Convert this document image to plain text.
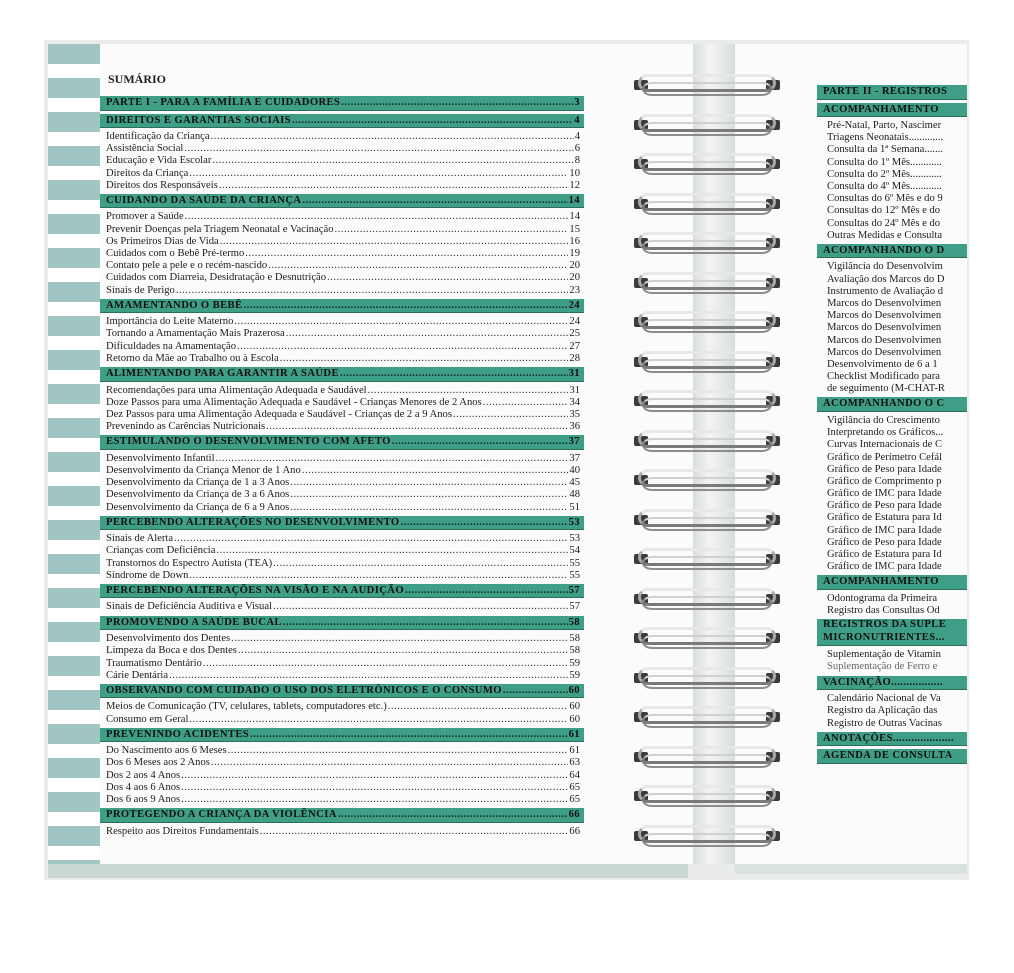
SUMÁRIO
PARTE I - PARA A FAMÍLIA E CUIDADORES .....	3
DIREITOS E GARANTIAS SOCIAIS .....	4
Identificação da Criança .....	4
Assistência Social .....	6
Educação e Vida Escolar .....	8
Direitos da Criança .....	10
Direitos dos Responsáveis .....	12
CUIDANDO DA SAÚDE DA CRIANÇA .....	14
Promover a Saúde .....	14
Prevenir Doenças pela Triagem Neonatal e Vacinação .....	15
Os Primeiros Dias de Vida .....	16
Cuidados com o Bebê Pré-termo .....	19
Contato pele a pele e o recém-nascido .....	20
Cuidados com Diarreia, Desidratação e Desnutrição .....	20
Sinais de Perigo .....	23
AMAMENTANDO O BEBÊ .....	24
Importância do Leite Materno .....	24
Tornando a Amamentação Mais Prazerosa .....	25
Dificuldades na Amamentação .....	27
Retorno da Mãe ao Trabalho ou à Escola .....	28
ALIMENTANDO PARA GARANTIR A SAÚDE .....	31
Recomendações para uma Alimentação Adequada e Saudável .....	31
Doze Passos para uma Alimentação Adequada e Saudável - Crianças Menores de 2 Anos .....	34
Dez Passos para uma Alimentação Adequada e Saudável - Crianças de 2 a 9 Anos .....	35
Prevenindo as Carências Nutricionais .....	36
ESTIMULANDO O DESENVOLVIMENTO COM AFETO .....	37
Desenvolvimento Infantil .....	37
Desenvolvimento da Criança Menor de 1 Ano .....	40
Desenvolvimento da Criança de 1 a 3 Anos .....	45
Desenvolvimento da Criança de 3 a 6 Anos .....	48
Desenvolvimento da Criança de 6 a 9 Anos .....	51
PERCEBENDO ALTERAÇÕES NO DESENVOLVIMENTO .....	53
Sinais de Alerta .....	53
Crianças com Deficiência .....	54
Transtornos do Espectro Autista (TEA) .....	55
Síndrome de Down .....	55
PERCEBENDO ALTERAÇÕES NA VISÃO E NA AUDIÇÃO .....	57
Sinais de Deficiência Auditiva e Visual .....	57
PROMOVENDO A SAÚDE BUCAL .....	58
Desenvolvimento dos Dentes .....	58
Limpeza da Boca e dos Dentes .....	58
Traumatismo Dentário .....	59
Cárie Dentária .....	59
OBSERVANDO COM CUIDADO O USO DOS ELETRÔNICOS E O CONSUMO .....	60
Meios de Comunicação (TV, celulares, tablets, computadores etc.) .....	60
Consumo em Geral .....	60
PREVENINDO ACIDENTES .....	61
Do Nascimento aos 6 Meses .....	61
Dos 6 Meses aos 2 Anos .....	63
Dos 2 aos 4 Anos .....	64
Dos 4 aos 6 Anos .....	65
Dos 6 aos 9 Anos .....	65
PROTEGENDO A CRIANÇA DA VIOLÊNCIA .....	66
Respeito aos Direitos Fundamentais .....	66
PARTE II - REGISTROS
ACOMPANHAMENTO
Pré-Natal, Parto, Nascimer
Triagens Neonatais.............
Consulta da 1ª Semana.......
Consulta do 1º Mês............
Consulta do 2º Mês............
Consulta do 4º Mês............
Consultas do 6º Mês e do 9
Consultas do 12º Mês e do
Consultas do 24º Mês e do
Outras Medidas e Consulta
ACOMPANHANDO O D
Vigilância do Desenvolvim
Avaliação dos Marcos do D
Instrumento de Avaliação d
Marcos do Desenvolvimen
Marcos do Desenvolvimen
Marcos do Desenvolvimen
Marcos do Desenvolvimen
Marcos do Desenvolvimen
Desenvolvimento de 6 a 1
Checklist Modificado para
de seguimento (M-CHAT-R
ACOMPANHANDO O C
Vigilância do Crescimento
Interpretando os Gráficos...
Curvas Internacionais de C
Gráfico de Perímetro Cefál
Gráfico de Peso para Idade
Gráfico de Comprimento p
Gráfico de IMC para Idade
Gráfico de Peso para Idade
Gráfico de Estatura para Id
Gráfico de IMC para Idade
Gráfico de Peso para Idade
Gráfico de Estatura para Id
Gráfico de IMC para Idade
ACOMPANHAMENTO
Odontograma da Primeira
Registro das Consultas Od
REGISTROS DA SUPLE
MICRONUTRIENTES...
Suplementação de Vitamin
Suplementação de Ferro e
VACINAÇÃO.................
Calendário Nacional de Va
Registro da Aplicação das
Registro de Outras Vacinas
ANOTAÇÕES....................
AGENDA DE CONSULTA
